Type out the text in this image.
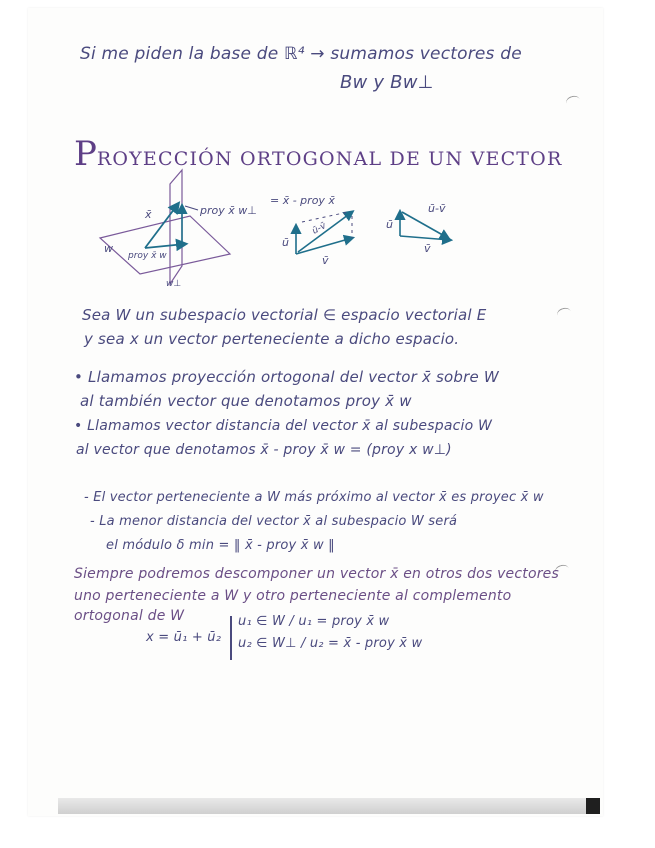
Si me piden la base de ℝ⁴ → sumamos vectores de
Bw y Bw⊥
PROYECCIÓN ORTOGONAL DE UN VECTOR
x̄	proy x̄ w⊥
= x̄ - proy x̄
w
proy x̄ w
w⊥
ū
ū-v̄
v̄
ū
ū-v̄
v̄
Sea W un subespacio vectorial ∈ espacio vectorial E
y sea x un vector perteneciente a dicho espacio.
• Llamamos proyección ortogonal del vector x̄ sobre W
al también vector que denotamos proy x̄ w
• Llamamos vector distancia del vector x̄ al subespacio W
al vector que denotamos x̄ - proy x̄ w = (proy x w⊥)
- El vector perteneciente a W más próximo al vector x̄ es proyec x̄ w
- La menor distancia del vector x̄ al subespacio W será
el módulo δ min = ‖ x̄ - proy x̄ w ‖
Siempre podremos descomponer un vector x̄ en otros dos vectores
uno perteneciente a W y otro perteneciente al complemento
ortogonal de W
x = ū₁ + ū₂
u₁ ∈ W / u₁ = proy x̄ w
u₂ ∈ W⊥ / u₂ = x̄ - proy x̄ w
